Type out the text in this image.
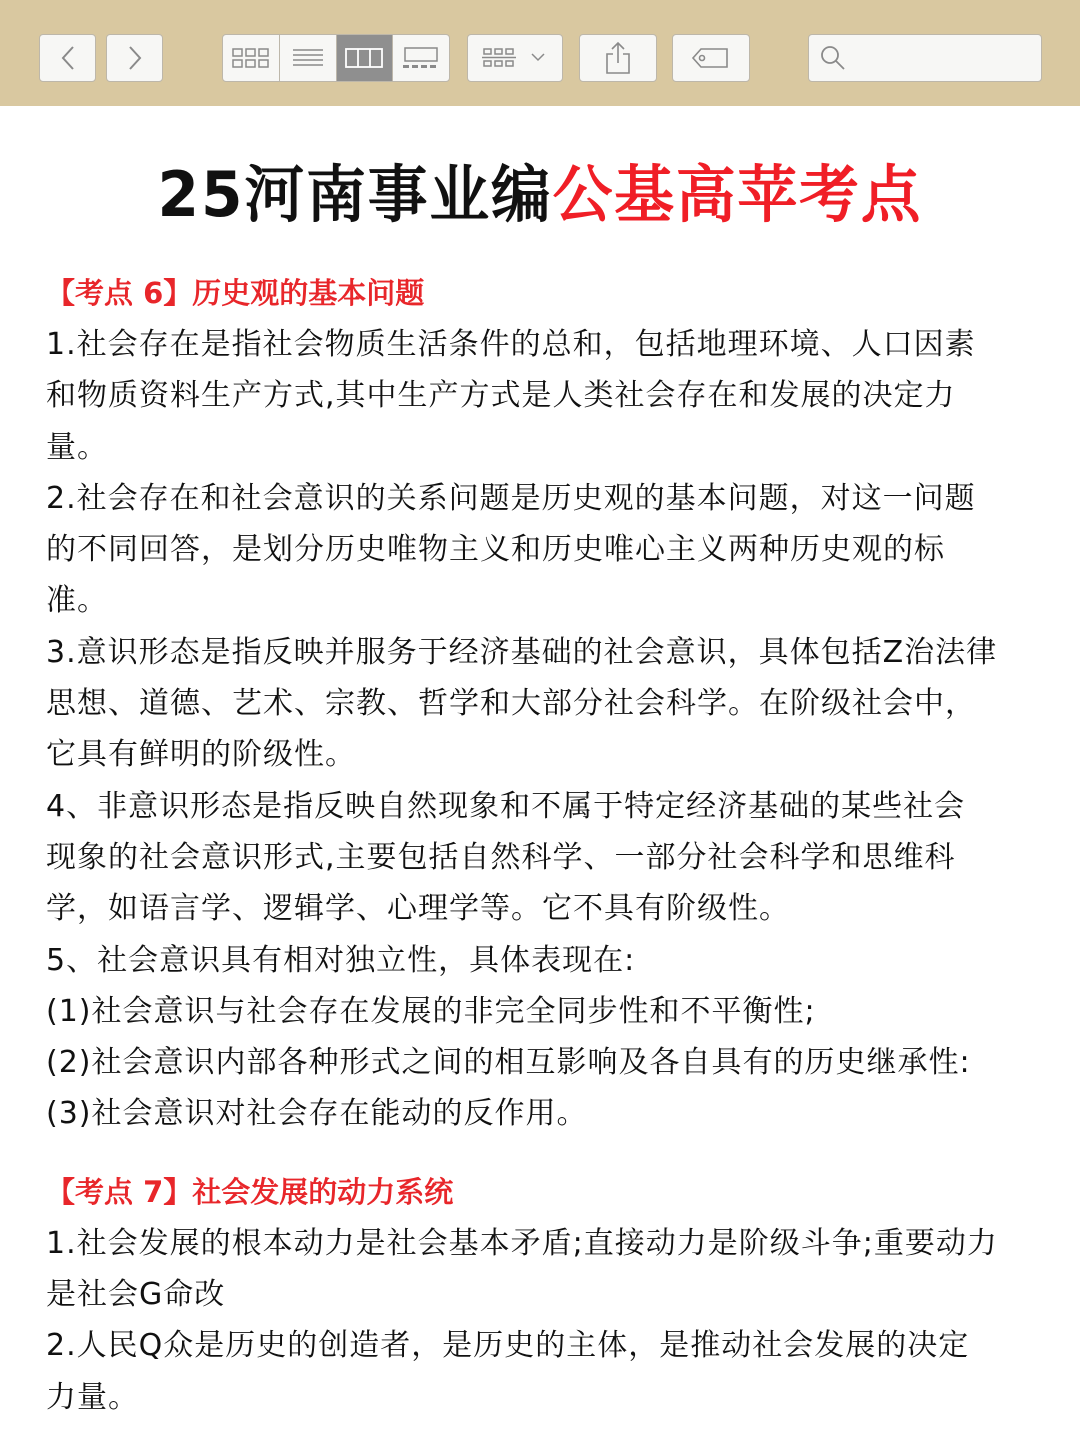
25河南事业编公基高苹考点
【考点 6】历史观的基本问题
1.社会存在是指社会物质生活条件的总和，包括地理环境、人口因素
和物质资料生产方式,其中生产方式是人类社会存在和发展的决定力
量。
2.社会存在和社会意识的关系问题是历史观的基本问题，对这一问题
的不同回答，是划分历史唯物主义和历史唯心主义两种历史观的标
准。
3.意识形态是指反映并服务于经济基础的社会意识，具体包括Z治法律
思想、道德、艺术、宗教、哲学和大部分社会科学。在阶级社会中，
它具有鲜明的阶级性。
4、非意识形态是指反映自然现象和不属于特定经济基础的某些社会
现象的社会意识形式,主要包括自然科学、一部分社会科学和思维科
学，如语言学、逻辑学、心理学等。它不具有阶级性。
5、社会意识具有相对独立性，具体表现在:
(1)社会意识与社会存在发展的非完全同步性和不平衡性;
(2)社会意识内部各种形式之间的相互影响及各自具有的历史继承性:
(3)社会意识对社会存在能动的反作用。
【考点 7】社会发展的动力系统
1.社会发展的根本动力是社会基本矛盾;直接动力是阶级斗争;重要动力
是社会G命改
2.人民Q众是历史的创造者，是历史的主体，是推动社会发展的决定
力量。
